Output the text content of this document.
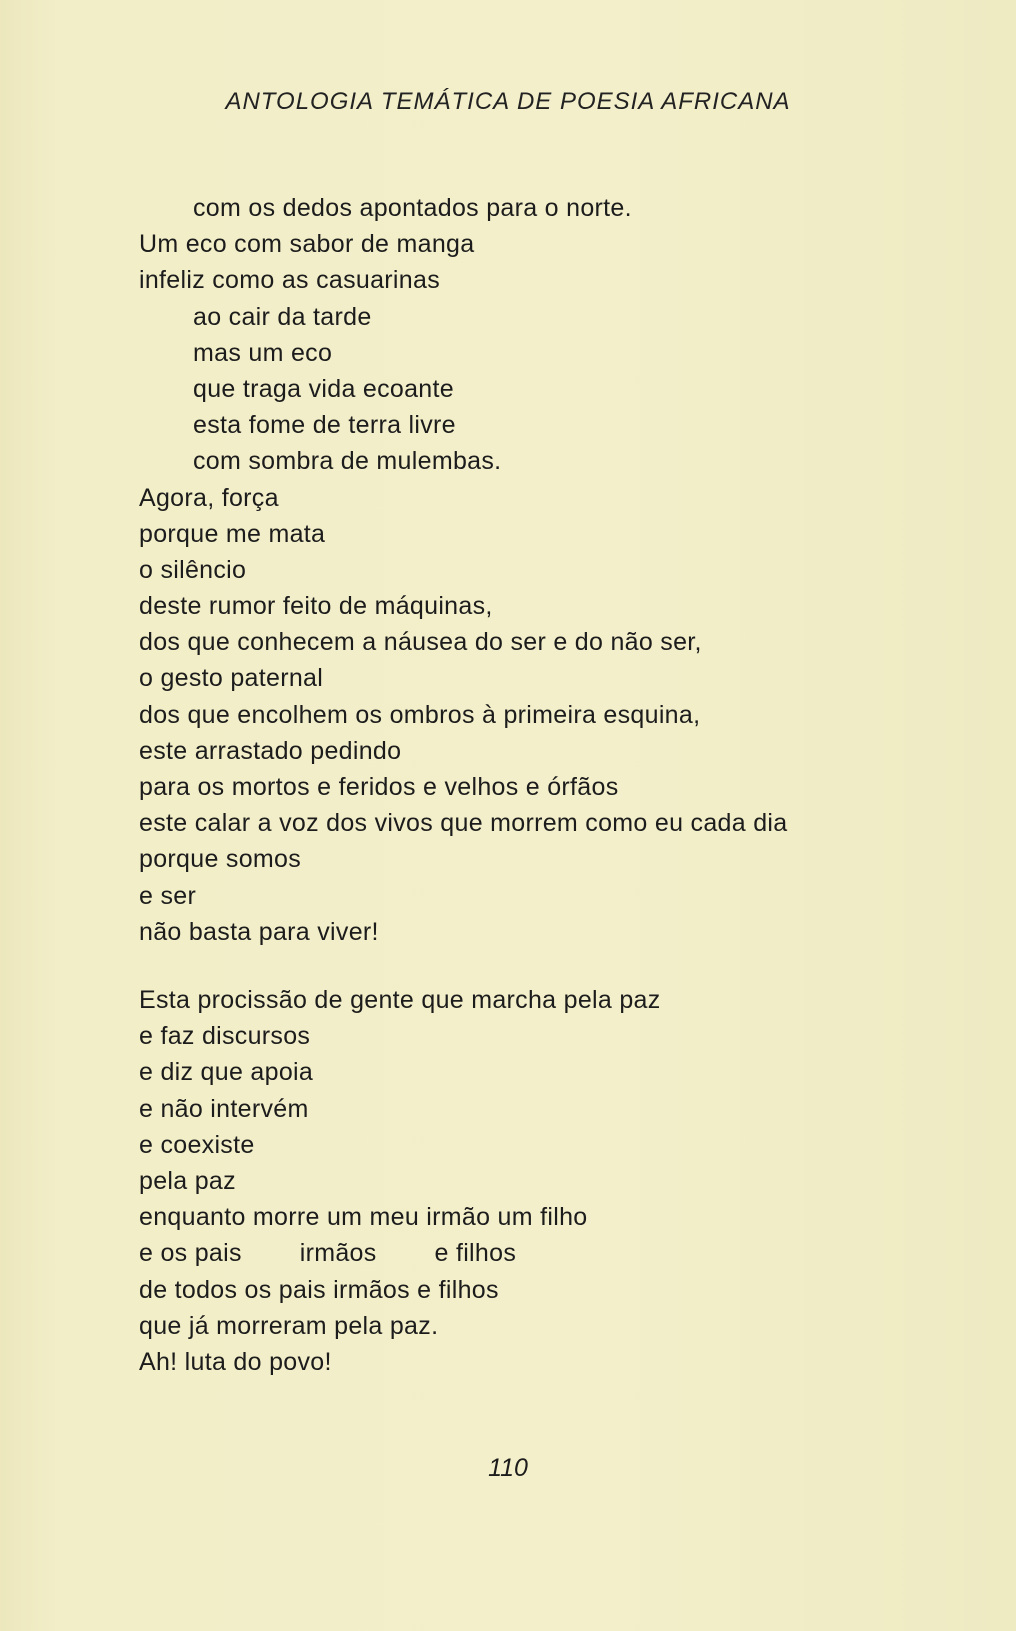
ANTOLOGIA TEMÁTICA DE POESIA AFRICANA
com os dedos apontados para o norte.
Um eco com sabor de manga
infeliz como as casuarinas
ao cair da tarde
mas um eco
que traga vida ecoante
esta fome de terra livre
com sombra de mulembas.
Agora, força
porque me mata
o silêncio
deste rumor feito de máquinas,
dos que conhecem a náusea do ser e do não ser,
o gesto paternal
dos que encolhem os ombros à primeira esquina,
este arrastado pedindo
para os mortos e feridos e velhos e órfãos
este calar a voz dos vivos que morrem como eu cada dia
porque somos
e ser
não basta para viver!
Esta procissão de gente que marcha pela paz
e faz discursos
e diz que apoia
e não intervém
e coexiste
pela paz
enquanto morre um meu irmão um filho
e os pais        irmãos        e filhos
de todos os pais irmãos e filhos
que já morreram pela paz.
Ah! luta do povo!
110
